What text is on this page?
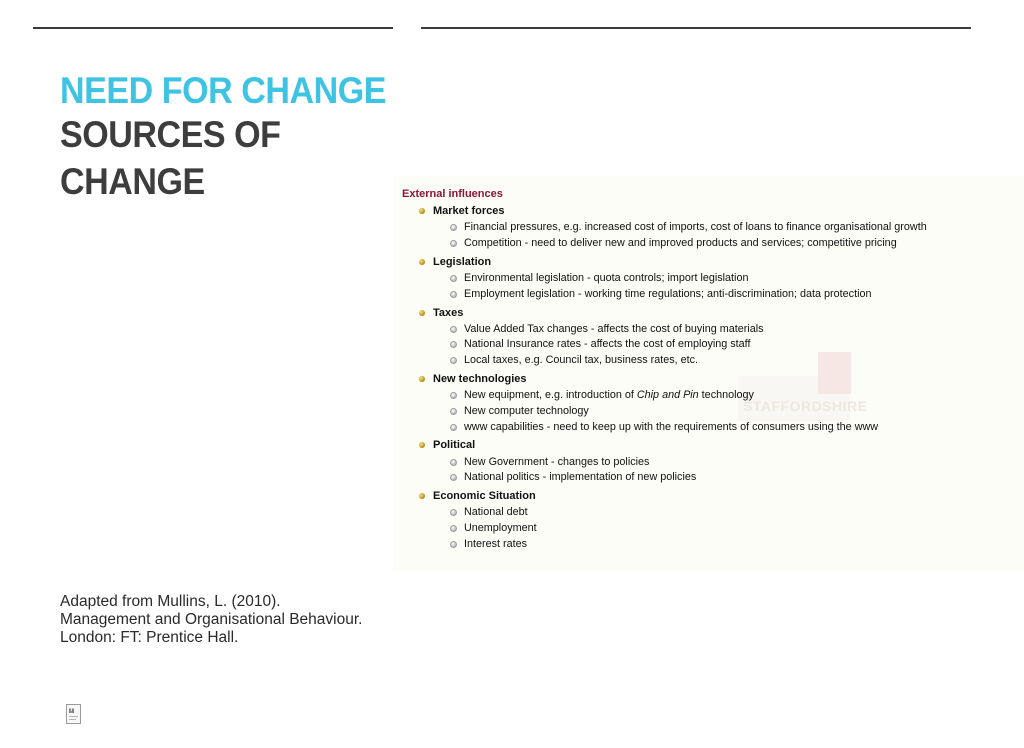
NEED FOR CHANGE
SOURCES OF CHANGE
STAFFORDSHIRE
External influences
Market forces
Financial pressures, e.g. increased cost of imports, cost of loans to finance organisational growth
Competition - need to deliver new and improved products and services; competitive pricing
Legislation
Environmental legislation - quota controls; import legislation
Employment legislation - working time regulations; anti-discrimination; data protection
Taxes
Value Added Tax changes - affects the cost of buying materials
National Insurance rates - affects the cost of employing staff
Local taxes, e.g. Council tax, business rates, etc.
New technologies
New equipment, e.g. introduction of Chip and Pin technology
New computer technology
www capabilities - need to keep up with the requirements of consumers using the www
Political
New Government - changes to policies
National politics - implementation of new policies
Economic Situation
National debt
Unemployment
Interest rates
Adapted from Mullins, L. (2010).
Management and Organisational Behaviour.
London: FT: Prentice Hall.
⩏
